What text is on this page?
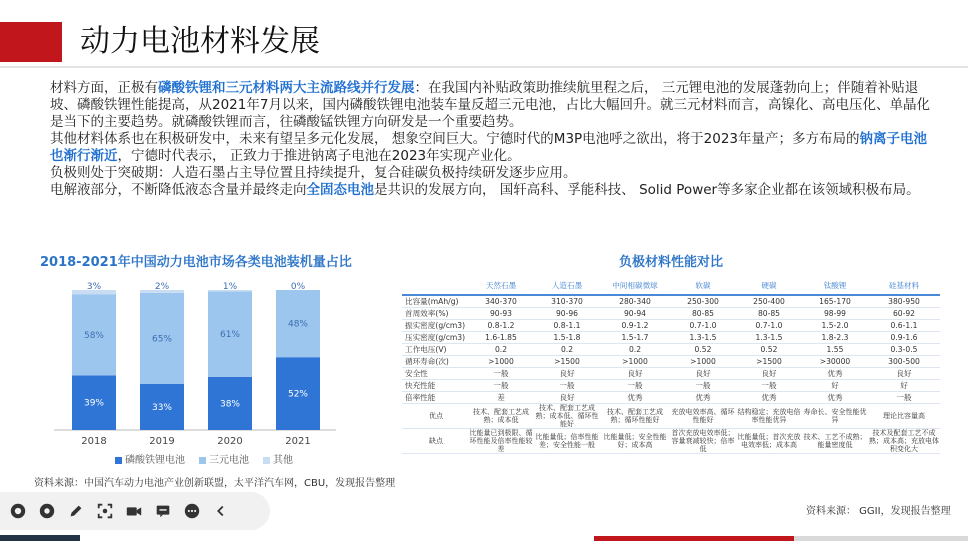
动力电池材料发展

材料方面，正极有磷酸铁锂和三元材料两大主流路线并行发展：在我国内补贴政策助推续航里程之后， 三元锂电池的发展蓬勃向上；伴随着补贴退坡、磷酸铁锂性能提高，从2021年7月以来，国内磷酸铁锂电池装车量反超三元电池，占比大幅回升。就三元材料而言，高镍化、高电压化、单晶化是当下的主要趋势。就磷酸铁锂而言，往磷酸锰铁锂方向研发是一个重要趋势。

其他材料体系也在积极研发中，未来有望呈多元化发展， 想象空间巨大。宁德时代的M3P电池呼之欲出，将于2023年量产；多方布局的钠离子电池也渐行渐近，宁德时代表示， 正致力于推进钠离子电池在2023年实现产业化。

负极则处于突破期：人造石墨占主导位置且持续提升，复合硅碳负极持续研发逐步应用。

电解液部分，不断降低液态含量并最终走向全固态电池是共识的发展方向， 国轩高科、孚能科技、 Solid Power等多家企业都在该领域积极布局。

2018-2021年中国动力电池市场各类电池装机量占比
39%
58%
3%
2018
33%
65%
2%
2019
38%
61%
1%
2020
52%
48%
0%
2021
磷酸铁锂电池	三元电池	其他
资料来源：中国汽车动力电池产业创新联盟，太平洋汽车网，CBU，发现报告整理
负极材料性能对比
	天然石墨	人造石墨	中间相碳微球	软碳	硬碳	钛酸锂	硅基材料
比容量(mAh/g)	340-370	310-370	280-340	250-300	250-400	165-170	380-950
首周效率(%)	90-93	90-96	90-94	80-85	80-85	98-99	60-92
振实密度(g/cm3)	0.8-1.2	0.8-1.1	0.9-1.2	0.7-1.0	0.7-1.0	1.5-2.0	0.6-1.1
压实密度(g/cm3)	1.6-1.85	1.5-1.8	1.5-1.7	1.3-1.5	1.3-1.5	1.8-2.3	0.9-1.6
工作电压(V)	0.2	0.2	0.2	0.52	0.52	1.55	0.3-0.5
循环寿命(次)	>1000	>1500	>1000	>1000	>1500	>30000	300-500
安全性	一般	良好	良好	良好	良好	优秀	良好
快充性能	一般	一般	一般	一般	一般	好	好
倍率性能	差	良好	优秀	优秀	优秀	优秀	一般
优点	技术、配套工艺成熟；成本低	技术、配套工艺成熟；成本低、循环性能好	技术、配套工艺成熟；循环性能好	充放电效率高、循环性能好	结构稳定；充放电倍率性能优异	寿命长、安全性能优异	理论比容量高
缺点	比能量已到极限、循环性能及倍率性能较差	比能量低；倍率性能差；安全性能一般	比能量低；安全性能好；成本高	首次充放电效率低；容量衰减较快；倍率低	比能量低；首次充放电效率低；成本高	技术、工艺不成熟；能量密度低	技术及配套工艺不成熟；成本高；充放电体积变化大
资料来源： GGII，发现报告整理
